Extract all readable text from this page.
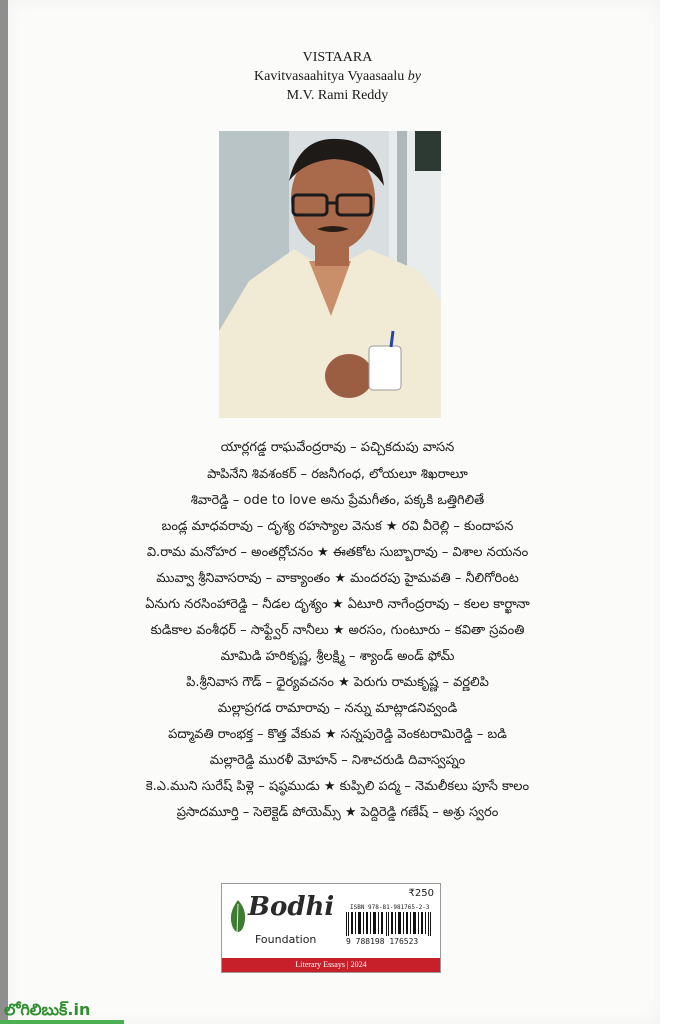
VISTAARA
Kavitvasaahitya Vyaasaalu by
M.V. Rami Reddy
యార్లగడ్డ రాఘవేంద్రరావు – పచ్చికదుపు వాసన
పాపినేని శివశంకర్ – రజనీగంధ, లోయలూ శిఖరాలూ
శివారెడ్డి – ode to love అను ప్రేమగీతం, పక్కకి ఒత్తిగిలితే
బండ్ల మాధవరావు – దృశ్య రహస్యాల వెనుక ★ రవి వీరెల్లి – కుందాపన
వి.రామ మనోహర – అంతర్లోచనం ★ ఈతకోట సుబ్బారావు – విశాల నయనం
మువ్వా శ్రీనివాసరావు – వాక్యాంతం ★ మందరపు హైమవతి – నీలిగోరింట
ఏనుగు నరసింహారెడ్డి – నీడల దృశ్యం ★ ఏటూరి నాగేంద్రరావు – కలల కార్ఖానా
కుడికాల వంశీధర్ – సాఫ్ట్వేర్ నానీలు ★ అరసం, గుంటూరు – కవితా స్రవంతి
మామిడి హరికృష్ణ, శ్రీలక్ష్మి – శ్యాండ్ అండ్ ఫోమ్
పి.శ్రీనివాస గౌడ్ – ధైర్యవచనం ★ పెరుగు రామకృష్ణ – వర్ణలిపి
మల్లాప్రగడ రామారావు – నన్ను మాట్లాడనివ్వండి
పద్మావతి రాంభక్త – కొత్త వేకువ ★ సన్నపురెడ్డి వెంకటరామిరెడ్డి – బడి
మల్లారెడ్డి మురళీ మోహన్ – నిశాచరుడి దివాస్వప్నం
కె.ఎ.ముని సురేష్ పిళ్లె – షష్ఠముడు ★ కుప్పిలి పద్మ – నెమలీకలు పూసే కాలం
ప్రసాదమూర్తి – సెలెక్టెడ్ పోయెమ్స్ ★ పెద్దిరెడ్డి గణేష్ – అశ్రు స్వరం
Bodhi
Foundation
₹250
ISBN 978-81-981765-2-3
9 788198 176523
Literary Essays | 2024
లోగిలిబుక్.in
